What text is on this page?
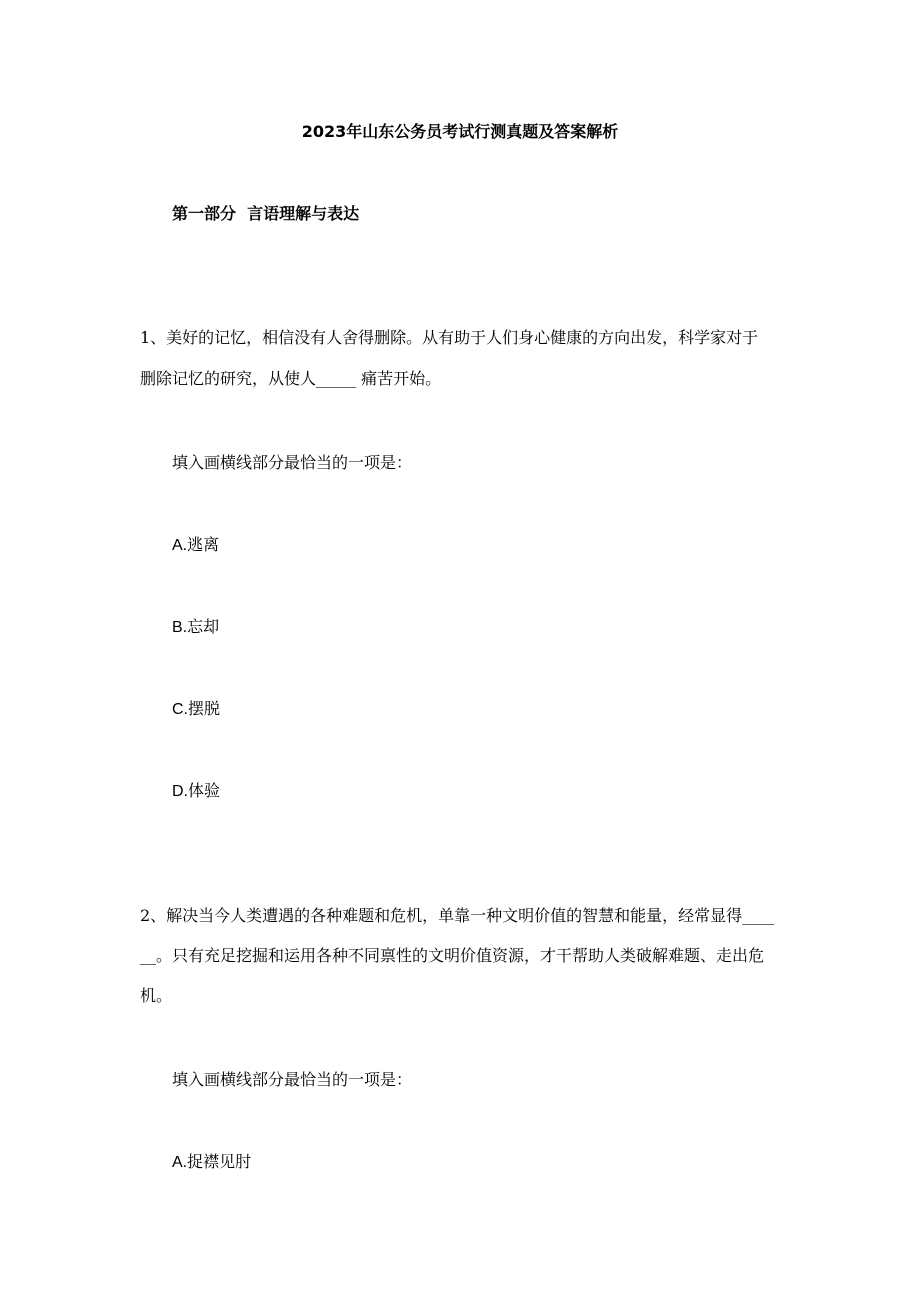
2023年山东公务员考试行测真题及答案解析
第一部分  言语理解与表达
1、美好的记忆，相信没有人舍得删除。从有助于人们身心健康的方向出发，科学家对于
删除记忆的研究，从使人_____ 痛苦开始。
填入画横线部分最恰当的一项是：
A.逃离
B.忘却
C.摆脱
D.体验
2、解决当今人类遭遇的各种难题和危机，单靠一种文明价值的智慧和能量，经常显得____
__。只有充足挖掘和运用各种不同禀性的文明价值资源，才干帮助人类破解难题、走出危
机。
填入画横线部分最恰当的一项是：
A.捉襟见肘
